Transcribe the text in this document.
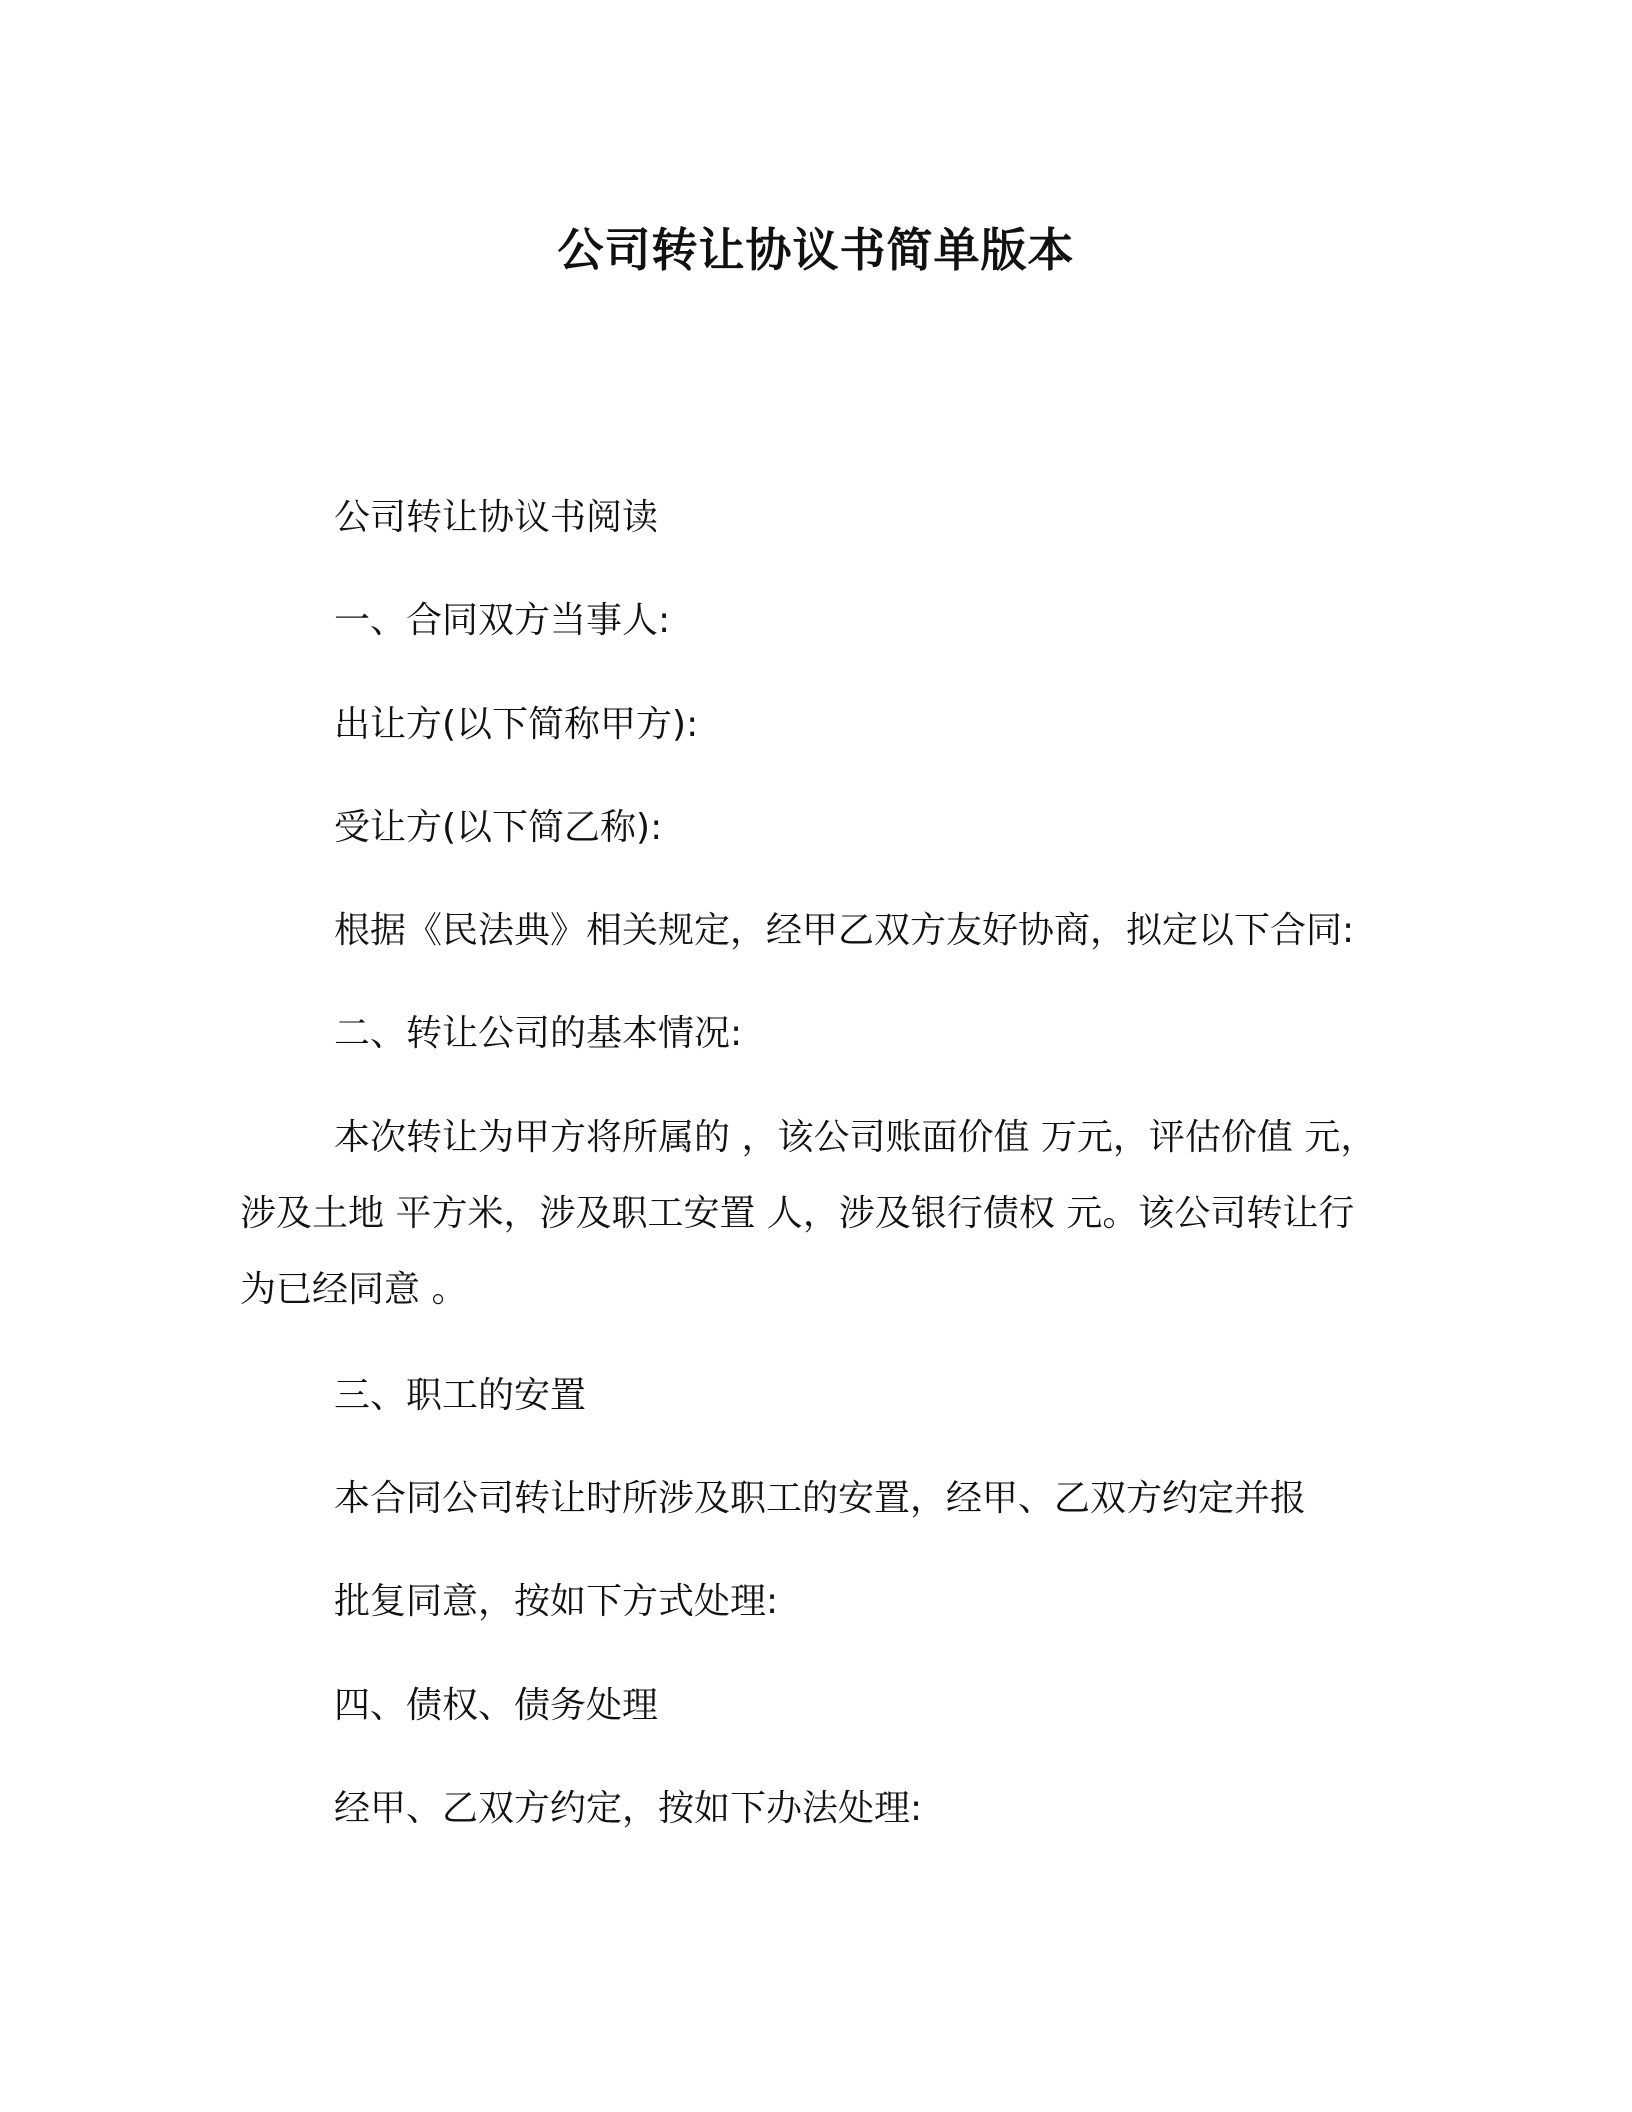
公司转让协议书简单版本
公司转让协议书阅读
一、合同双方当事人:
出让方(以下简称甲方):
受让方(以下简乙称):
根据《民法典》相关规定，经甲乙双方友好协商，拟定以下合同:
二、转让公司的基本情况:
本次转让为甲方将所属的 ，该公司账面价值 万元，评估价值 元，涉及土地 平方米，涉及职工安置 人，涉及银行债权 元。该公司转让行为已经同意 。
三、职工的安置
本合同公司转让时所涉及职工的安置，经甲、乙双方约定并报
批复同意，按如下方式处理:
四、债权、债务处理
经甲、乙双方约定，按如下办法处理:
